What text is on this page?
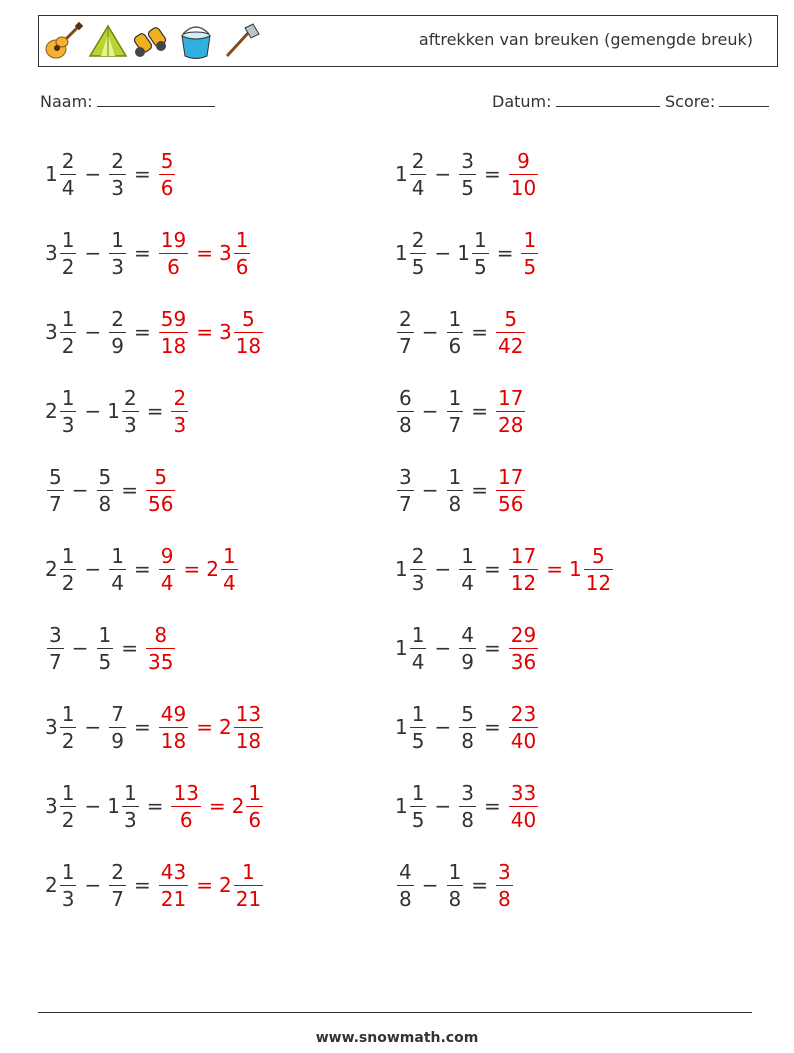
aftrekken van breuken (gemengde breuk)
Naam:	Datum:	Score:
$1 \frac{2}{4} - \frac{2}{3} = \frac{5}{6}$	$1 \frac{2}{4} - \frac{3}{5} = \frac{9}{10}$
$3 \frac{1}{2} - \frac{1}{3} = \frac{19}{6} = 3 \frac{1}{6}$	$1 \frac{2}{5} - 1 \frac{1}{5} = \frac{1}{5}$
$3 \frac{1}{2} - \frac{2}{9} = \frac{59}{18} = 3 \frac{5}{18}$	$\frac{2}{7} - \frac{1}{6} = \frac{5}{42}$
$2 \frac{1}{3} - 1 \frac{2}{3} = \frac{2}{3}$	$\frac{6}{8} - \frac{1}{7} = \frac{17}{28}$
$\frac{5}{7} - \frac{5}{8} = \frac{5}{56}$	$\frac{3}{7} - \frac{1}{8} = \frac{17}{56}$
$2 \frac{1}{2} - \frac{1}{4} = \frac{9}{4} = 2 \frac{1}{4}$	$1 \frac{2}{3} - \frac{1}{4} = \frac{17}{12} = 1 \frac{5}{12}$
$\frac{3}{7} - \frac{1}{5} = \frac{8}{35}$	$1 \frac{1}{4} - \frac{4}{9} = \frac{29}{36}$
$3 \frac{1}{2} - \frac{7}{9} = \frac{49}{18} = 2 \frac{13}{18}$	$1 \frac{1}{5} - \frac{5}{8} = \frac{23}{40}$
$3 \frac{1}{2} - 1 \frac{1}{3} = \frac{13}{6} = 2 \frac{1}{6}$	$1 \frac{1}{5} - \frac{3}{8} = \frac{33}{40}$
$2 \frac{1}{3} - \frac{2}{7} = \frac{43}{21} = 2 \frac{1}{21}$	$\frac{4}{8} - \frac{1}{8} = \frac{3}{8}$
www.snowmath.com
